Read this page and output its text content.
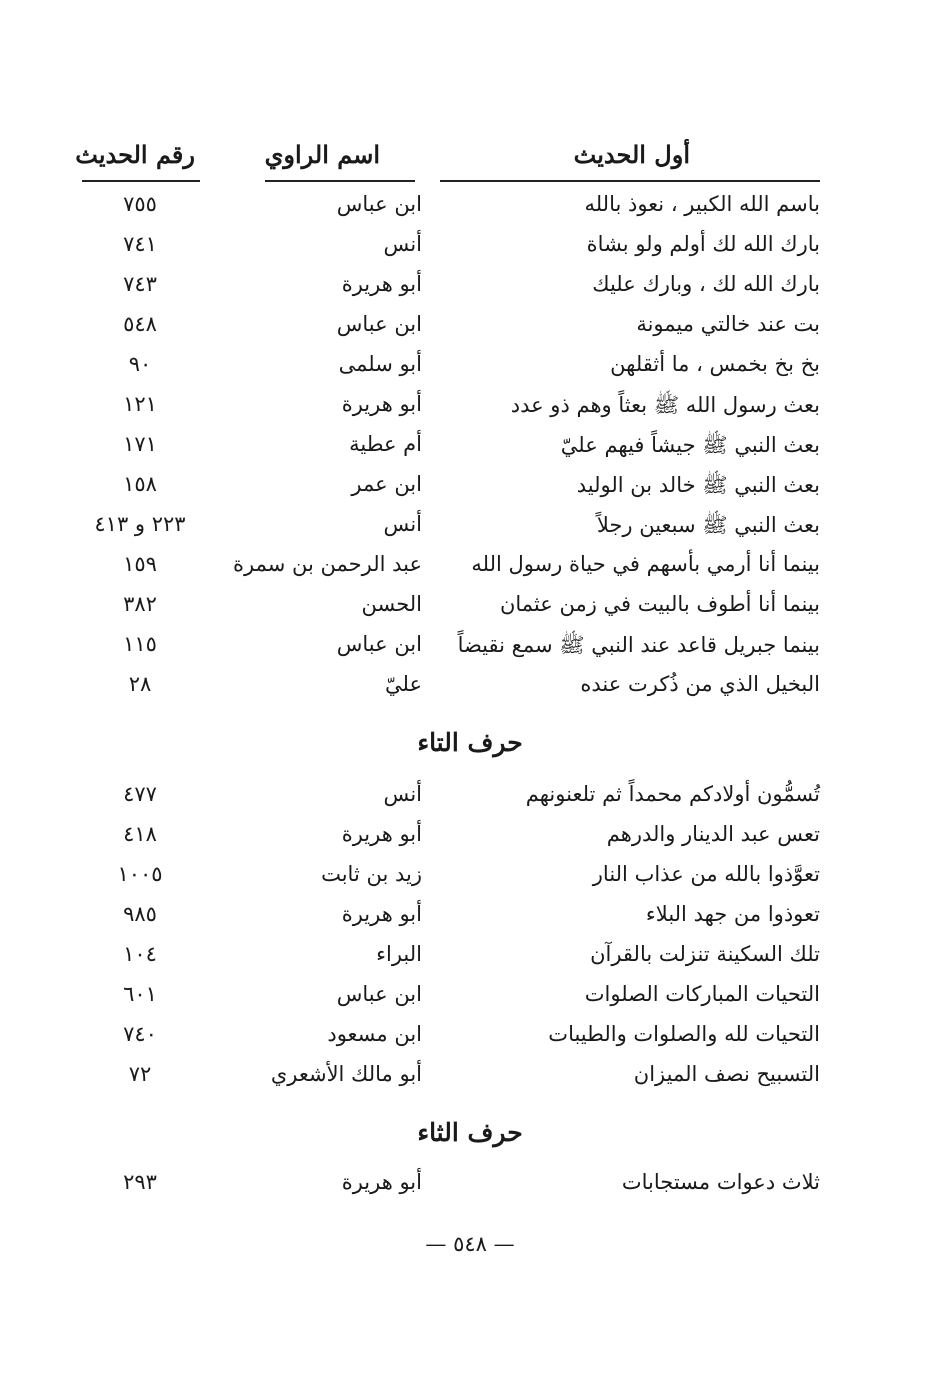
أول الحديث
اسم الراوي
رقم الحديث
باسم الله الكبير ، نعوذ بالله
ابن عباس
٧٥٥
بارك الله لك أولم ولو بشاة
أنس
٧٤١
بارك الله لك ، وبارك عليك
أبو هريرة
٧٤٣
بت عند خالتي ميمونة
ابن عباس
٥٤٨
بخ بخ بخمس ، ما أثقلهن
أبو سلمى
٩٠
بعث رسول الله ﷺ بعثاً وهم ذو عدد
أبو هريرة
١٢١
بعث النبي ﷺ جيشاً فيهم عليّ
أم عطية
١٧١
بعث النبي ﷺ خالد بن الوليد
ابن عمر
١٥٨
بعث النبي ﷺ سبعين رجلاً
أنس
٢٢٣ و ٤١٣
بينما أنا أرمي بأسهم في حياة رسول الله
عبد الرحمن بن سمرة
١٥٩
بينما أنا أطوف بالبيت في زمن عثمان
الحسن
٣٨٢
بينما جبريل قاعد عند النبي ﷺ سمع نقيضاً
ابن عباس
١١٥
البخيل الذي من ذُكرت عنده
عليّ
٢٨
حرف التاء
تُسمُّون أولادكم محمداً ثم تلعنونهم
أنس
٤٧٧
تعس عبد الدينار والدرهم
أبو هريرة
٤١٨
تعوَّذوا بالله من عذاب النار
زيد بن ثابت
١٠٠٥
تعوذوا من جهد البلاء
أبو هريرة
٩٨٥
تلك السكينة تنزلت بالقرآن
البراء
١٠٤
التحيات المباركات الصلوات
ابن عباس
٦٠١
التحيات لله والصلوات والطيبات
ابن مسعود
٧٤٠
التسبيح نصف الميزان
أبو مالك الأشعري
٧٢
حرف الثاء
ثلاث دعوات مستجابات
أبو هريرة
٢٩٣
— ٥٤٨ —
